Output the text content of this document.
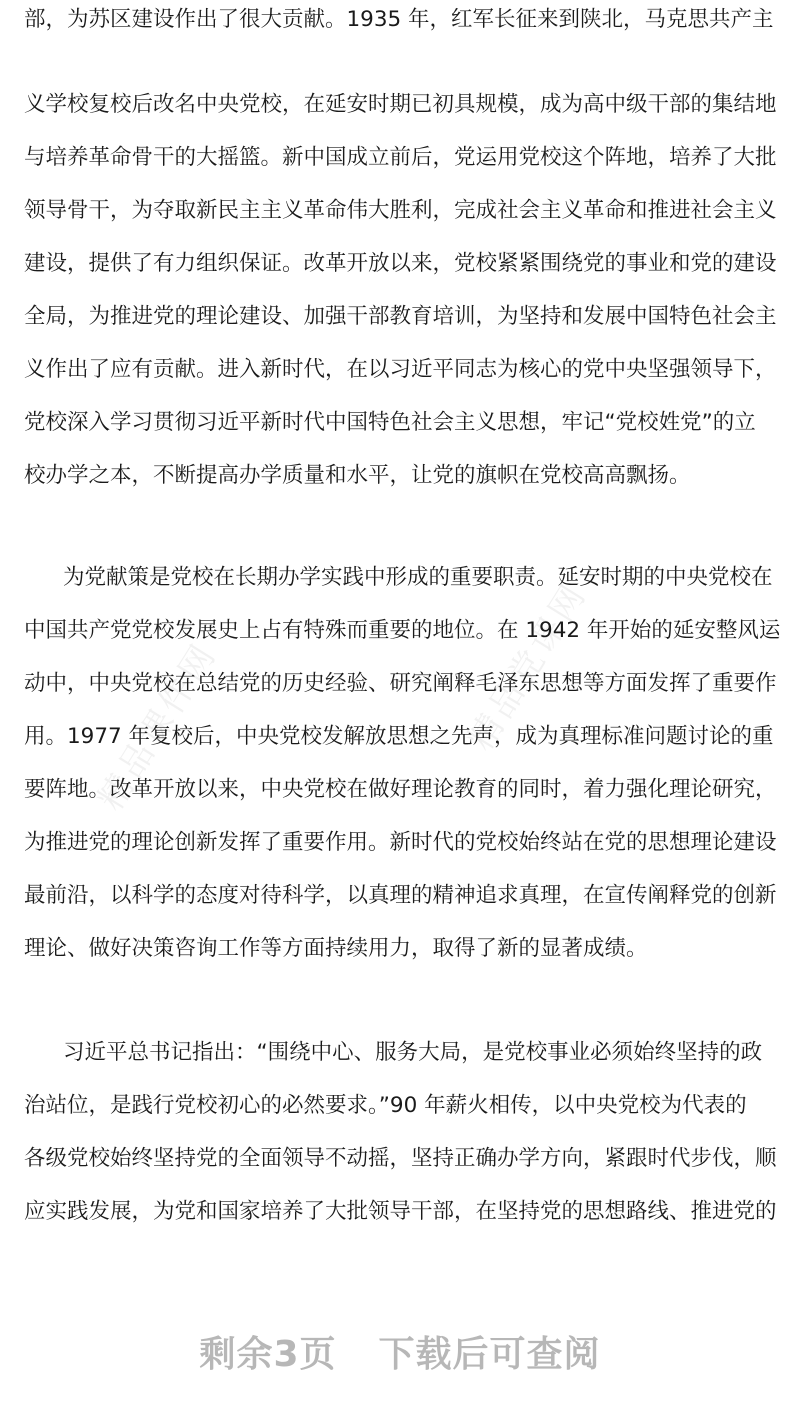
精品课件网	精品党课网
部，为苏区建设作出了很大贡献。1935 年，红军长征来到陕北，马克思共产主
义学校复校后改名中央党校，在延安时期已初具规模，成为高中级干部的集结地
与培养革命骨干的大摇篮。新中国成立前后，党运用党校这个阵地，培养了大批
领导骨干，为夺取新民主主义革命伟大胜利，完成社会主义革命和推进社会主义
建设，提供了有力组织保证。改革开放以来，党校紧紧围绕党的事业和党的建设
全局，为推进党的理论建设、加强干部教育培训，为坚持和发展中国特色社会主
义作出了应有贡献。进入新时代，在以习近平同志为核心的党中央坚强领导下，
党校深入学习贯彻习近平新时代中国特色社会主义思想，牢记“党校姓党”的立
校办学之本，不断提高办学质量和水平，让党的旗帜在党校高高飘扬。
为党献策是党校在长期办学实践中形成的重要职责。延安时期的中央党校在
中国共产党党校发展史上占有特殊而重要的地位。在 1942 年开始的延安整风运
动中，中央党校在总结党的历史经验、研究阐释毛泽东思想等方面发挥了重要作
用。1977 年复校后，中央党校发解放思想之先声，成为真理标准问题讨论的重
要阵地。改革开放以来，中央党校在做好理论教育的同时，着力强化理论研究，
为推进党的理论创新发挥了重要作用。新时代的党校始终站在党的思想理论建设
最前沿，以科学的态度对待科学，以真理的精神追求真理，在宣传阐释党的创新
理论、做好决策咨询工作等方面持续用力，取得了新的显著成绩。
习近平总书记指出：“围绕中心、服务大局，是党校事业必须始终坚持的政
治站位，是践行党校初心的必然要求。”90 年薪火相传，以中央党校为代表的
各级党校始终坚持党的全面领导不动摇，坚持正确办学方向，紧跟时代步伐，顺
应实践发展，为党和国家培养了大批领导干部，在坚持党的思想路线、推进党的
剩余3页 下载后可查阅
